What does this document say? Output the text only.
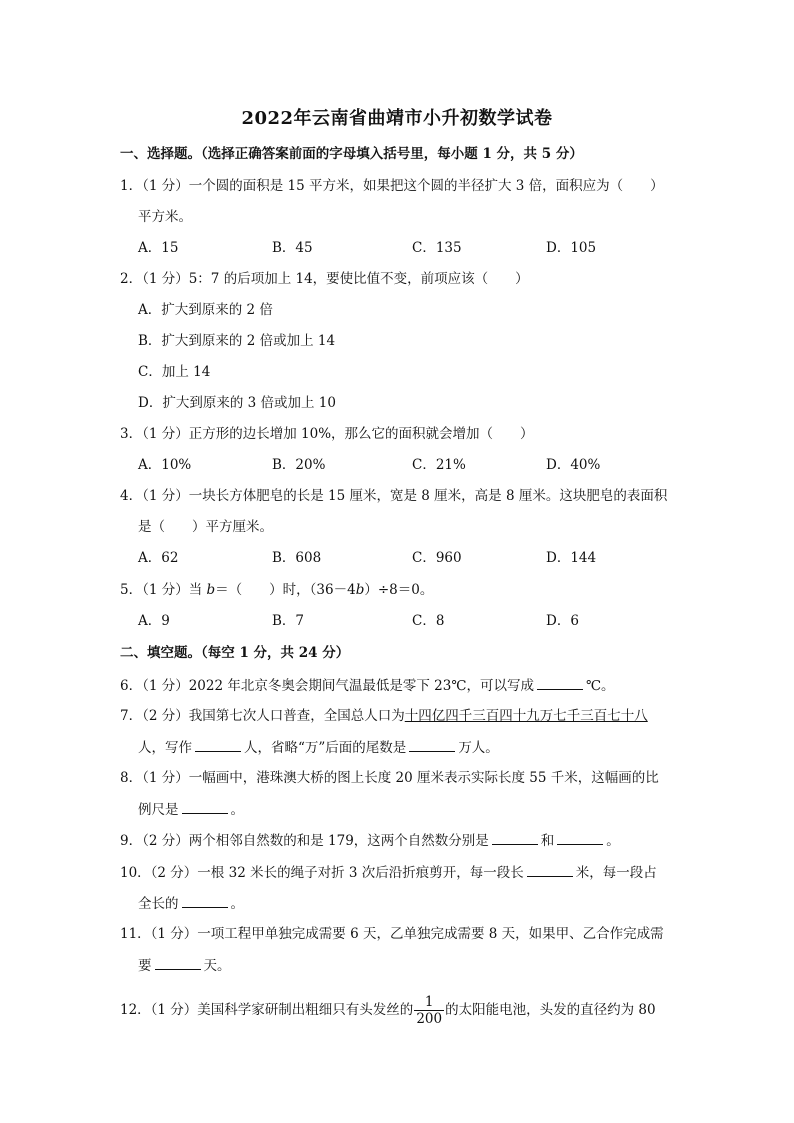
2022年云南省曲靖市小升初数学试卷
一、选择题。（选择正确答案前面的字母填入括号里，每小题 1 分，共 5 分）
1．（1 分）一个圆的面积是 15 平方米，如果把这个圆的半径扩大 3 倍，面积应为（　　）
平方米。
A．15	B．45	C．135	D．105
2．（1 分）5：7 的后项加上 14，要使比值不变，前项应该（　　）
A．扩大到原来的 2 倍
B．扩大到原来的 2 倍或加上 14
C．加上 14
D．扩大到原来的 3 倍或加上 10
3．（1 分）正方形的边长增加 10%，那么它的面积就会增加（　　）
A．10%	B．20%	C．21%	D．40%
4．（1 分）一块长方体肥皂的长是 15 厘米，宽是 8 厘米，高是 8 厘米。这块肥皂的表面积
是（　　）平方厘米。
A．62	B．608	C．960	D．144
5．（1 分）当 b＝（　　）时，（36－4b）÷8＝0。
A．9	B．7	C．8	D．6
二、填空题。（每空 1 分，共 24 分）
6．（1 分）2022 年北京冬奥会期间气温最低是零下 23℃，可以写成	℃。
7．（2 分）我国第七次人口普查，全国总人口为十四亿四千三百四十九万七千三百七十八
人，写作	人，省略“万”后面的尾数是	万人。
8．（1 分）一幅画中，港珠澳大桥的图上长度 20 厘米表示实际长度 55 千米，这幅画的比
例尺是	。
9．（2 分）两个相邻自然数的和是 179，这两个自然数分别是	和	。
10．（2 分）一根 32 米长的绳子对折 3 次后沿折痕剪开，每一段长	米，每一段占
全长的	。
11．（1 分）一项工程甲单独完成需要 6 天，乙单独完成需要 8 天，如果甲、乙合作完成需
要	天。
12．（1 分）美国科学家研制出粗细只有头发丝的 $\frac{1}{200}$ 的太阳能电池，头发的直径约为 80
